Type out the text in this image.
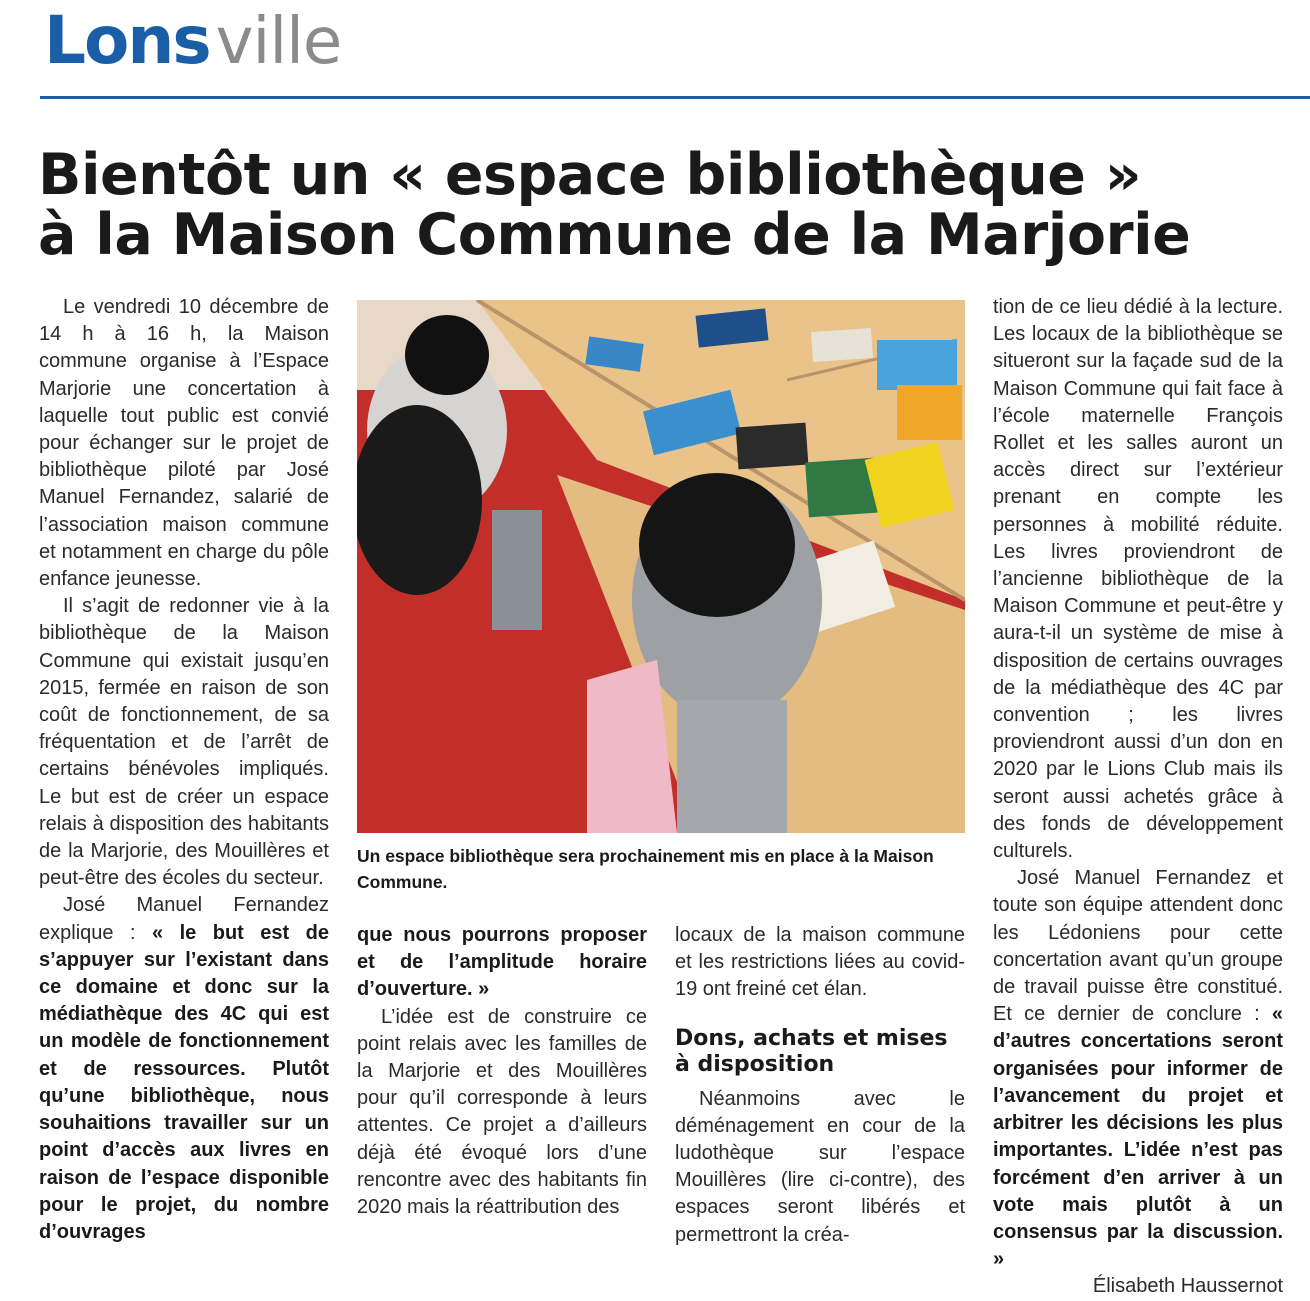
Lonsville
Bientôt un « espace bibliothèque »
à la Maison Commune de la Marjorie

Le vendredi 10 décembre de 14 h à 16 h, la Maison commune organise à l’Espace Marjorie une concertation à laquelle tout public est convié pour échanger sur le projet de bibliothèque piloté par José Manuel Fernandez, salarié de l’association maison commune et notamment en charge du pôle enfance jeunesse.

Il s’agit de redonner vie à la bibliothèque de la Maison Commune qui existait jusqu’en 2015, fermée en raison de son coût de fonctionnement, de sa fréquentation et de l’arrêt de certains bénévoles impliqués. Le but est de créer un espace relais à disposition des habitants de la Marjorie, des Mouillères et peut-être des écoles du secteur.

José Manuel Fernandez explique : « le but est de s’appuyer sur l’existant dans ce domaine et donc sur la médiathèque des 4C qui est un modèle de fonctionnement et de ressources. Plutôt qu’une bibliothèque, nous souhaitions travailler sur un point d’accès aux livres en raison de l’espace disponible pour le projet, du nombre d’ouvrages

Un espace bibliothèque sera prochainement mis en place à la Maison Commune.

que nous pourrons proposer et de l’amplitude horaire d’ouverture. »

L’idée est de construire ce point relais avec les familles de la Marjorie et des Mouillères pour qu’il corresponde à leurs attentes. Ce projet a d’ailleurs déjà été évoqué lors d’une rencontre avec des habitants fin 2020 mais la réattribution des

locaux de la maison commune et les restrictions liées au covid-19 ont freiné cet élan.

Dons, achats et mises à disposition

Néanmoins avec le déménagement en cour de la ludothèque sur l’espace Mouillères (lire ci-contre), des espaces seront libérés et permettront la créa-

tion de ce lieu dédié à la lecture. Les locaux de la bibliothèque se situeront sur la façade sud de la Maison Commune qui fait face à l’école maternelle François Rollet et les salles auront un accès direct sur l’extérieur prenant en compte les personnes à mobilité réduite. Les livres proviendront de l’ancienne bibliothèque de la Maison Commune et peut-être y aura-t-il un système de mise à disposition de certains ouvrages de la médiathèque des 4C par convention ; les livres proviendront aussi d’un don en 2020 par le Lions Club mais ils seront aussi achetés grâce à des fonds de développement culturels.

José Manuel Fernandez et toute son équipe attendent donc les Lédoniens pour cette concertation avant qu’un groupe de travail puisse être constitué. Et ce dernier de conclure : « d’autres concertations seront organisées pour informer de l’avancement du projet et arbitrer les décisions les plus importantes. L’idée n’est pas forcément d’en arriver à un vote mais plutôt à un consensus par la discussion. »

Élisabeth Haussernot
